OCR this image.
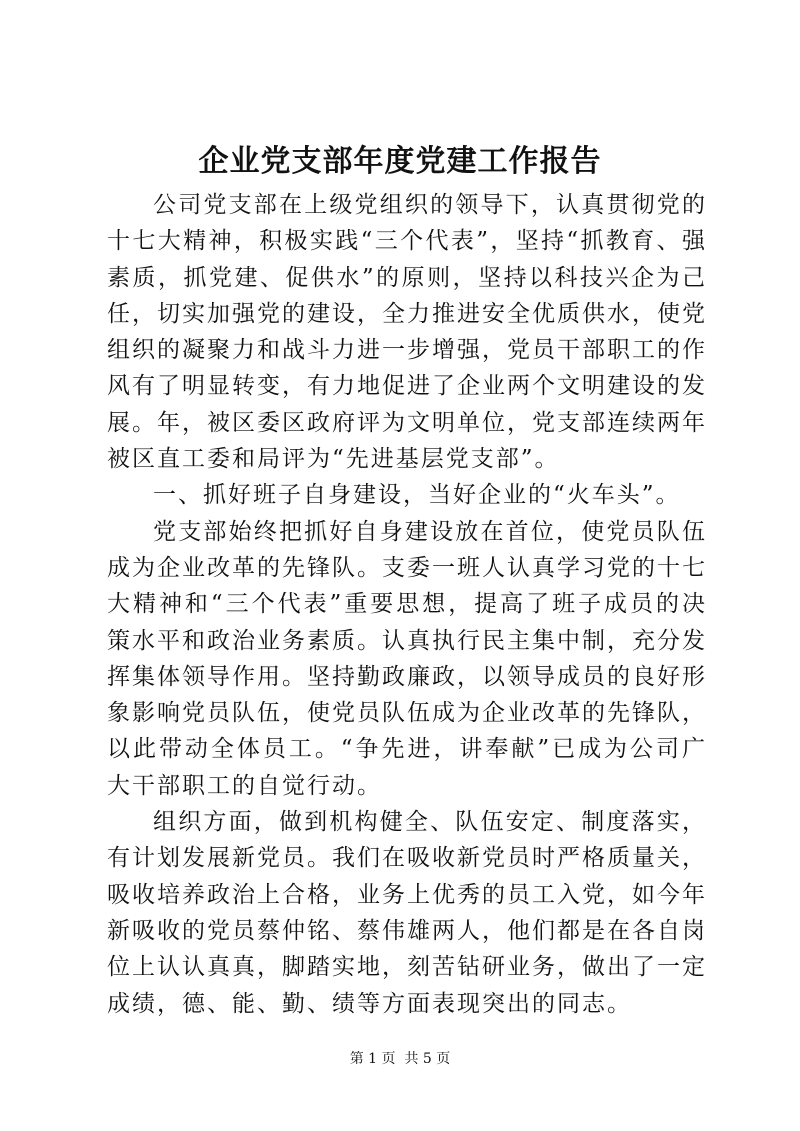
企业党支部年度党建工作报告

公司党支部在上级党组织的领导下，认真贯彻党的十七大精神，积极实践“三个代表”，坚持“抓教育、强素质，抓党建、促供水”的原则，坚持以科技兴企为己任，切实加强党的建设，全力推进安全优质供水，使党组织的凝聚力和战斗力进一步增强，党员干部职工的作风有了明显转变，有力地促进了企业两个文明建设的发展。年，被区委区政府评为文明单位，党支部连续两年被区直工委和局评为“先进基层党支部”。

一、抓好班子自身建设，当好企业的“火车头”。

党支部始终把抓好自身建设放在首位，使党员队伍成为企业改革的先锋队。支委一班人认真学习党的十七大精神和“三个代表”重要思想，提高了班子成员的决策水平和政治业务素质。认真执行民主集中制，充分发挥集体领导作用。坚持勤政廉政，以领导成员的良好形象影响党员队伍，使党员队伍成为企业改革的先锋队，以此带动全体员工。“争先进，讲奉献”已成为公司广大干部职工的自觉行动。

组织方面，做到机构健全、队伍安定、制度落实，有计划发展新党员。我们在吸收新党员时严格质量关，吸收培养政治上合格，业务上优秀的员工入党，如今年新吸收的党员蔡仲铭、蔡伟雄两人，他们都是在各自岗位上认认真真，脚踏实地，刻苦钻研业务，做出了一定成绩，德、能、勤、绩等方面表现突出的同志。

第 1 页  共 5 页
